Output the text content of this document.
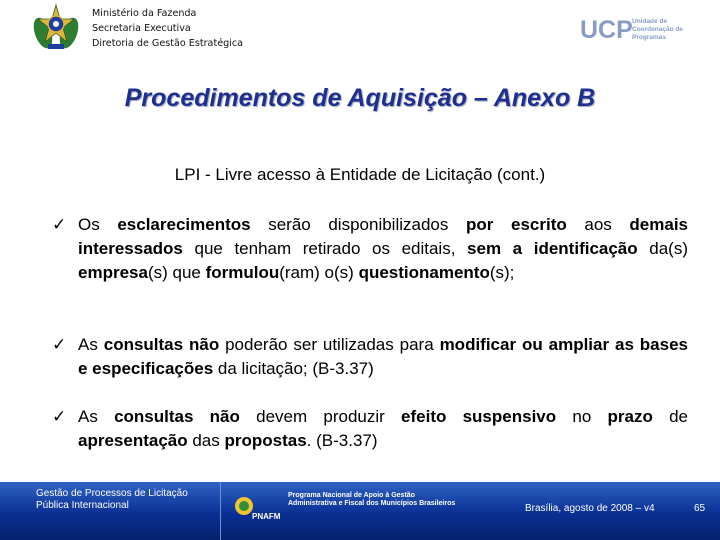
Ministério da Fazenda
Secretaria Executiva
Diretoria de Gestão Estratégica	UCP Unidade de
Coordenação de
Programas
Procedimentos de Aquisição – Anexo B
LPI - Livre acesso à Entidade de Licitação (cont.)
✓ Os esclarecimentos serão disponibilizados por escrito aos demais interessados que tenham retirado os editais, sem a identificação da(s) empresa(s) que formulou(ram) o(s) questionamento(s);
✓ As consultas não poderão ser utilizadas para modificar ou ampliar as bases e especificações da licitação; (B-3.37)
✓ As consultas não devem produzir efeito suspensivo no prazo de apresentação das propostas. (B-3.37)
Gestão de Processos de Licitação
Pública Internacional
PNAFM
Programa Nacional de Apoio à Gestão
Administrativa e Fiscal dos Municípios Brasileiros	Brasília, agosto de 2008 – v4	65
